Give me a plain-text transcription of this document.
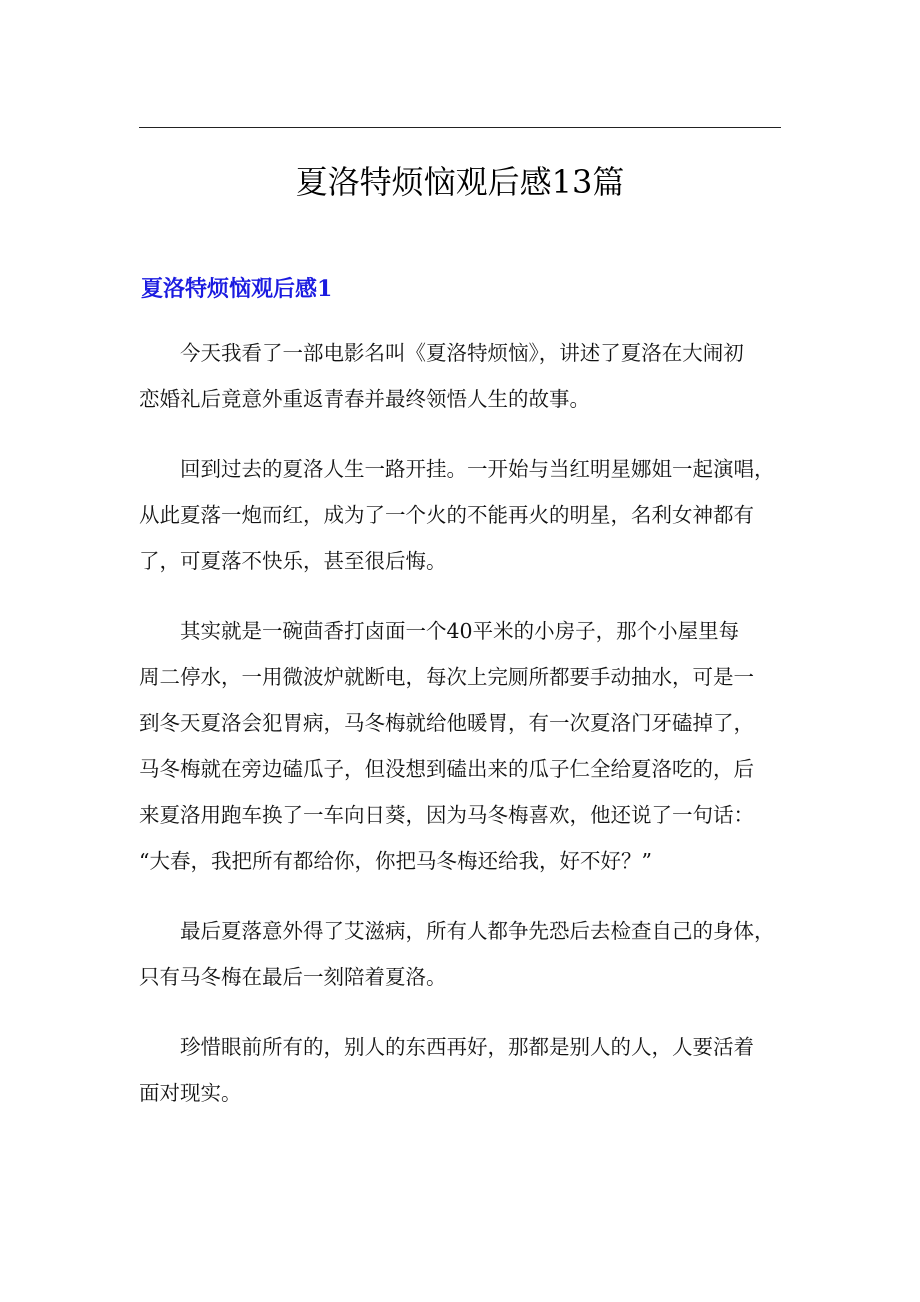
夏洛特烦恼观后感13篇
夏洛特烦恼观后感1

今天我看了一部电影名叫《夏洛特烦恼》，讲述了夏洛在大闹初
恋婚礼后竟意外重返青春并最终领悟人生的故事。

回到过去的夏洛人生一路开挂。一开始与当红明星娜姐一起演唱，
从此夏落一炮而红，成为了一个火的不能再火的明星，名利女神都有
了，可夏落不快乐，甚至很后悔。

其实就是一碗茴香打卤面一个40平米的小房子，那个小屋里每
周二停水，一用微波炉就断电，每次上完厕所都要手动抽水，可是一
到冬天夏洛会犯胃病，马冬梅就给他暖胃，有一次夏洛门牙磕掉了，
马冬梅就在旁边磕瓜子，但没想到磕出来的瓜子仁全给夏洛吃的，后
来夏洛用跑车换了一车向日葵，因为马冬梅喜欢，他还说了一句话：
“大春，我把所有都给你，你把马冬梅还给我，好不好？”

最后夏落意外得了艾滋病，所有人都争先恐后去检查自己的身体，
只有马冬梅在最后一刻陪着夏洛。

珍惜眼前所有的，别人的东西再好，那都是别人的人，人要活着
面对现实。
